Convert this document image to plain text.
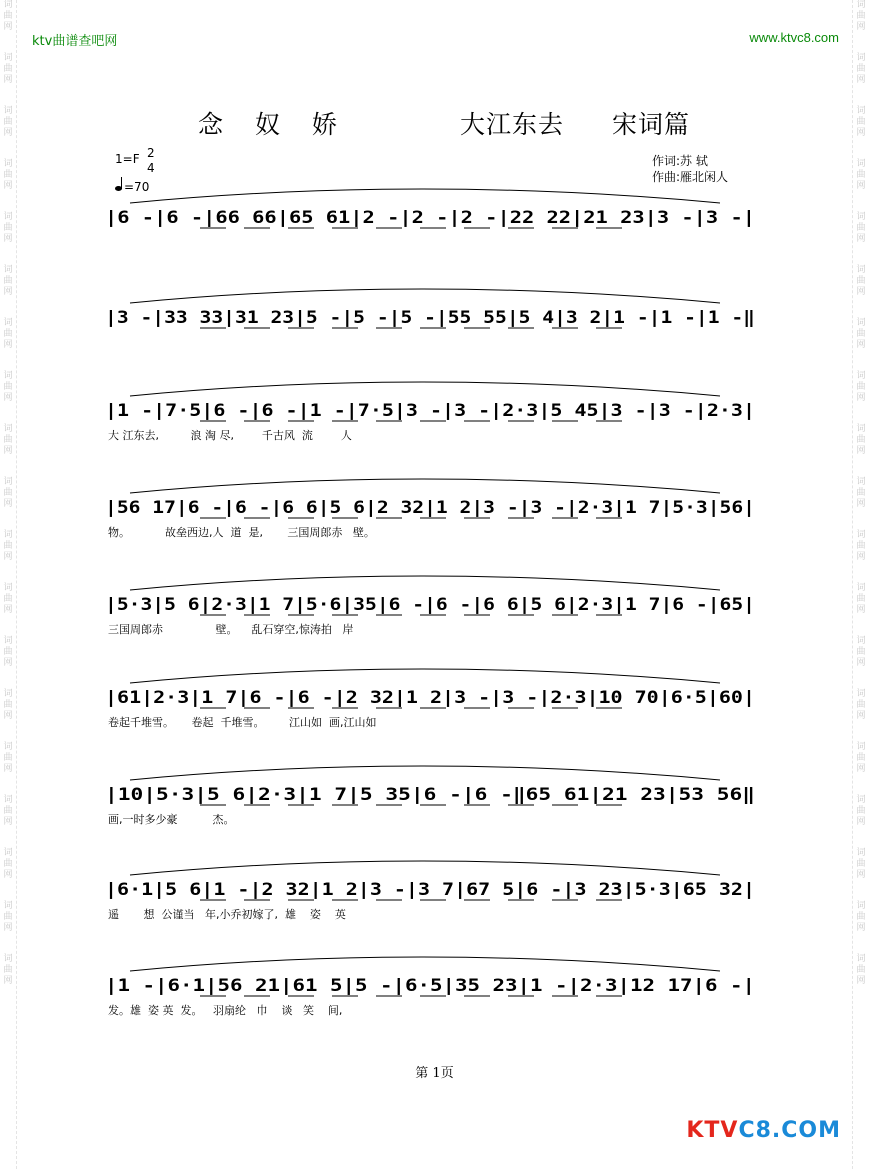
词
曲
网
词
曲
网
词
曲
网
词
曲
网
词
曲
网
词
曲
网
词
曲
网
词
曲
网
词
曲
网
词
曲
网
词
曲
网
词
曲
网
词
曲
网
词
曲
网
词
曲
网
词
曲
网
词
曲
网
词
曲
网
词
曲
网
词
曲
网
词
曲
网
词
曲
网
词
曲
网
词
曲
网
词
曲
网
词
曲
网
词
曲
网
词
曲
网
词
曲
网
词
曲
网
词
曲
网
词
曲
网
词
曲
网
词
曲
网
词
曲
网
词
曲
网
词
曲
网
词
曲
网
ktv曲谱查吧网	www.ktvc8.com
念 奴 娇	大江东去 宋词篇
1=F 2
4
=70
作词:苏 轼
作曲:雁北闲人
|6 -|6 -|66 66|65 61|2 -|2 -|2 -|22 22|21 23|3 -|3 -|
|3 -|33 33|31 23|5 -|5 -|5 -|55 55|5 4|3 2|1 -|1 -|1 -‖
|1 -|7·5|6 -|6 -|1 -|7·5|3 -|3 -|2·3|5 45|3 -|3 -|2·3|
大 江东去,         浪 淘 尽,        千古风  流        人
|56 17|6 -|6 -|6 6|5 6|2 32|1 2|3 -|3 -|2·3|1 7|5·3|56|
物。          故垒西边,人  道  是,       三国周郎赤   壁。
|5·3|5 6|2·3|1 7|5·6|35|6 -|6 -|6 6|5 6|2·3|1 7|6 -|65|
三国周郎赤               壁。    乱石穿空,惊涛拍   岸
|61|2·3|1 7|6 -|6 -|2 32|1 2|3 -|3 -|2·3|10 70|6·5|60|
卷起千堆雪。     卷起  千堆雪。       江山如  画,江山如
|10|5·3|5 6|2·3|1 7|5 35|6 -|6 -‖65 61|21 23|53 56‖
画,一时多少豪          杰。
|6·1|5 6|1 -|2 32|1 2|3 -|3 7|67 5|6 -|3 23|5·3|65 32|
遥       想  公谨当   年,小乔初嫁了,  雄    姿    英
|1 -|6·1|56 21|61 5|5 -|6·5|35 23|1 -|2·3|12 17|6 -|
发。雄  姿 英  发。   羽扇纶   巾    谈   笑    间,
第 1页
KTVC8.COM
